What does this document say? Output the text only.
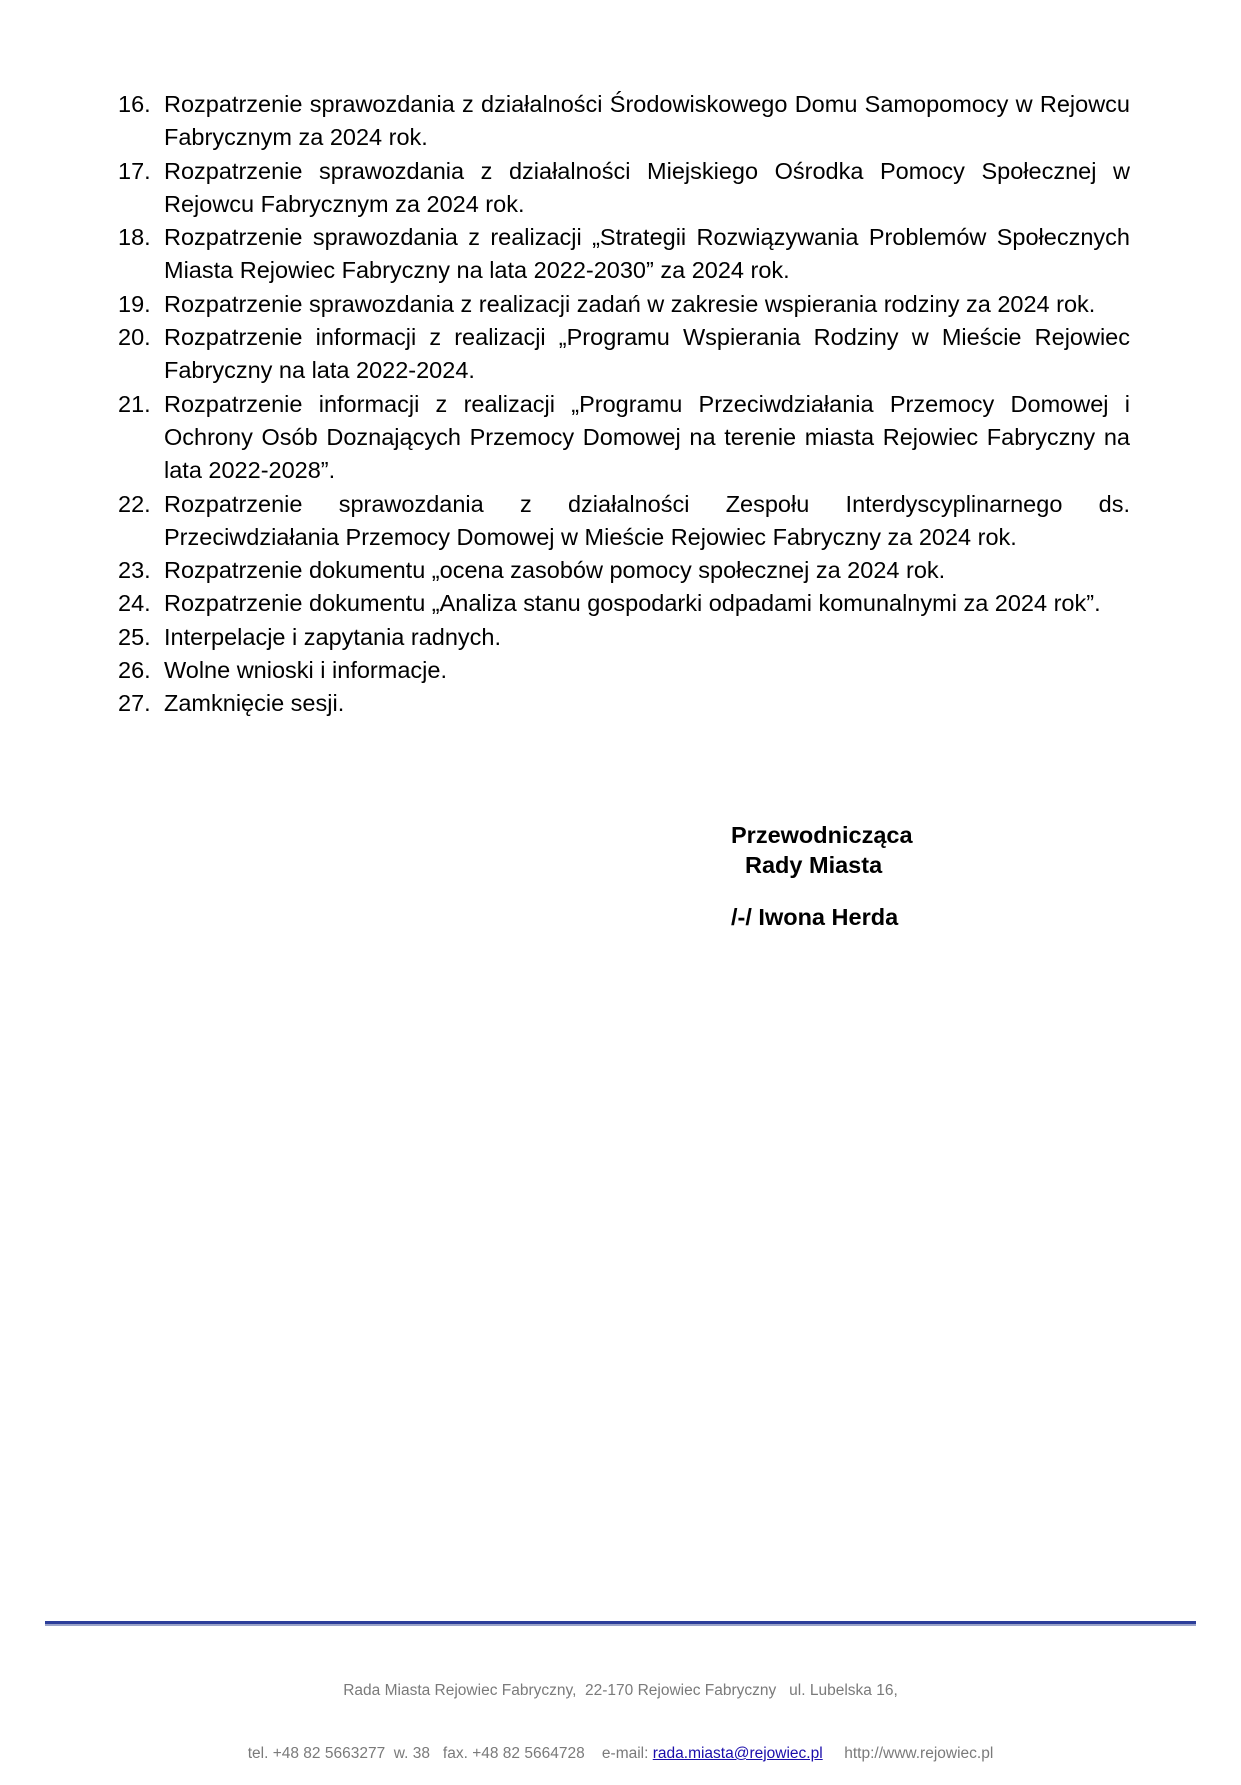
16. Rozpatrzenie sprawozdania z działalności Środowiskowego Domu Samopomocy w Rejowcu Fabrycznym za 2024 rok.
17. Rozpatrzenie sprawozdania z działalności Miejskiego Ośrodka Pomocy Społecznej w Rejowcu Fabrycznym za 2024 rok.
18. Rozpatrzenie sprawozdania z realizacji „Strategii Rozwiązywania Problemów Społecznych Miasta Rejowiec Fabryczny na lata 2022-2030” za 2024 rok.
19. Rozpatrzenie sprawozdania z realizacji zadań w zakresie wspierania rodziny za 2024 rok.
20. Rozpatrzenie informacji z realizacji „Programu Wspierania Rodziny w Mieście Rejowiec Fabryczny na lata 2022-2024.
21. Rozpatrzenie informacji z realizacji „Programu Przeciwdziałania Przemocy Domowej i Ochrony Osób Doznających Przemocy Domowej na terenie miasta Rejowiec Fabryczny na lata 2022-2028”.
22. Rozpatrzenie sprawozdania z działalności Zespołu Interdyscyplinarnego ds. Przeciwdziałania Przemocy Domowej w Mieście Rejowiec Fabryczny za 2024 rok.
23. Rozpatrzenie dokumentu „ocena zasobów pomocy społecznej za 2024 rok.
24. Rozpatrzenie dokumentu „Analiza stanu gospodarki odpadami komunalnymi za 2024 rok”.
25. Interpelacje i zapytania radnych.
26. Wolne wnioski i informacje.
27. Zamknięcie sesji.
Przewodnicząca
Rady Miasta
/-/ Iwona Herda

Rada Miasta Rejowiec Fabryczny,  22-170 Rejowiec Fabryczny   ul. Lubelska 16,

tel. +48 82 5663277  w. 38   fax. +48 82 5664728    e-mail: rada.miasta@rejowiec.pl http://www.rejowiec.pl
